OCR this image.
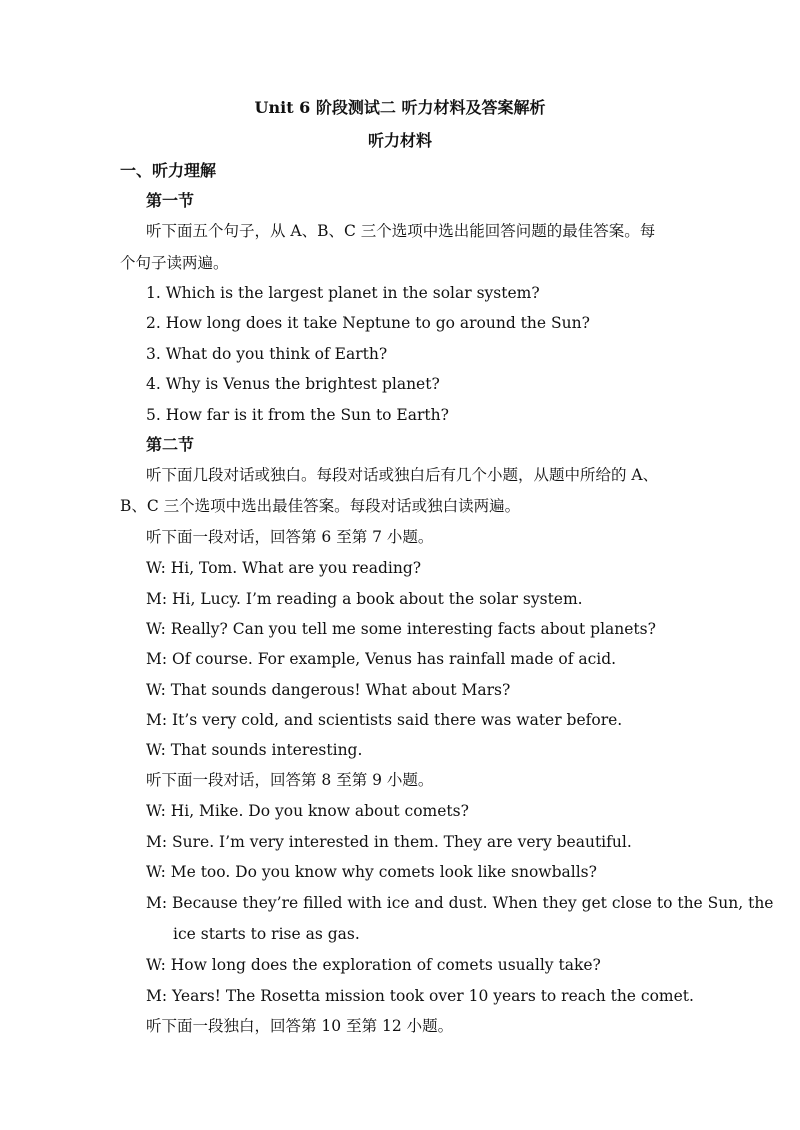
Unit 6 阶段测试二 听力材料及答案解析
听力材料
一、听力理解
第一节
听下面五个句子，从 A、B、C 三个选项中选出能回答问题的最佳答案。每
个句子读两遍。
1. Which is the largest planet in the solar system?
2. How long does it take Neptune to go around the Sun?
3. What do you think of Earth?
4. Why is Venus the brightest planet?
5. How far is it from the Sun to Earth?
第二节
听下面几段对话或独白。每段对话或独白后有几个小题，从题中所给的 A、
B、C 三个选项中选出最佳答案。每段对话或独白读两遍。
听下面一段对话，回答第 6 至第 7 小题。
W: Hi, Tom. What are you reading?
M: Hi, Lucy. I’m reading a book about the solar system.
W: Really? Can you tell me some interesting facts about planets?
M: Of course. For example, Venus has rainfall made of acid.
W: That sounds dangerous! What about Mars?
M: It’s very cold, and scientists said there was water before.
W: That sounds interesting.
听下面一段对话，回答第 8 至第 9 小题。
W: Hi, Mike. Do you know about comets?
M: Sure. I’m very interested in them. They are very beautiful.
W: Me too. Do you know why comets look like snowballs?
M: Because they’re filled with ice and dust. When they get close to the Sun, the
ice starts to rise as gas.
W: How long does the exploration of comets usually take?
M: Years! The Rosetta mission took over 10 years to reach the comet.
听下面一段独白，回答第 10 至第 12 小题。
